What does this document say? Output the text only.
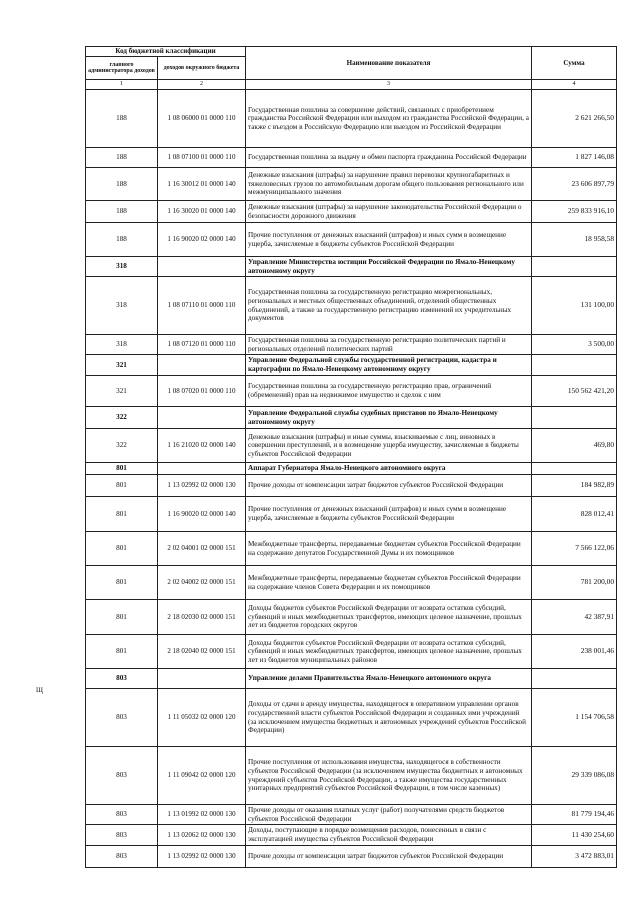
Код бюджетной классификации		Наименование показателя	Сумма
главного администратора доходов	доходов окружного бюджета		
1	2	3	4
188	1 08 06000 01 0000 110	Государственная пошлина за совершение действий, связанных с приобретением гражданства Российской Федерации или выходом из гражданства Российской Федерации, а также с въездом в Российскую Федерацию или выездом из Российской Федерации	2 621 266,50
188	1 08 07100 01 0000 110	Государственная пошлина за выдачу и обмен паспорта гражданина Российской Федерации	1 827 146,08
188	1 16 30012 01 0000 140	Денежные взыскания (штрафы) за нарушение правил перевозки крупногабаритных и тяжеловесных грузов по автомобильным дорогам общего пользования регионального или межмуниципального значения	23 606 897,79
188	1 16 30020 01 0000 140	Денежные взыскания (штрафы) за нарушение законодательства Российской Федерации о безопасности дорожного движения	259 833 916,10
188	1 16 90020 02 0000 140	Прочие поступления от денежных взысканий (штрафов) и иных сумм в возмещение ущерба, зачисляемые в бюджеты субъектов Российской Федерации	18 958,58
318		Управление Министерства юстиции Российской Федерации по Ямало-Ненецкому автономному округу	
318	1 08 07110 01 0000 110	Государственная пошлина за государственную регистрацию межрегиональных, региональных и местных общественных объединений, отделений общественных объединений, а также за государственную регистрацию изменений их учредительных документов	131 100,00
318	1 08 07120 01 0000 110	Государственная пошлина за государственную регистрацию политических партий и региональных отделений политических партий	3 500,00
321		Управление Федеральной службы государственной регистрации, кадастра и картографии по Ямало-Ненецкому автономному округу	
321	1 08 07020 01 0000 110	Государственная пошлина за государственную регистрацию прав, ограничений (обременений) прав на недвижимое имущество и сделок с ним	150 562 421,20
322		Управление Федеральной службы судебных приставов по Ямало-Ненецкому автономному округу	
322	1 16 21020 02 0000 140	Денежные взыскания (штрафы) и иные суммы, взыскиваемые с лиц, виновных в совершении преступлений, и в возмещение ущерба имуществу, зачисляемые в бюджеты субъектов Российской Федерации	469,80
801		Аппарат Губернатора Ямало-Ненецкого автономного округа	
801	1 13 02992 02 0000 130	Прочие доходы от компенсации затрат бюджетов субъектов Российской Федерации	184 982,89
801	1 16 90020 02 0000 140	Прочие поступления от денежных взысканий (штрафов) и иных сумм в возмещение ущерба, зачисляемые в бюджеты субъектов Российской Федерации	828 012,41
801	2 02 04001 02 0000 151	Межбюджетные трансферты, передаваемые бюджетам субъектов Российской Федерации на содержание депутатов Государственной Думы и их помощников	7 566 122,06
801	2 02 04002 02 0000 151	Межбюджетные трансферты, передаваемые бюджетам субъектов Российской Федерации на содержание членов Совета Федерации и их помощников	781 200,00
801	2 18 02030 02 0000 151	Доходы бюджетов субъектов Российской Федерации от возврата остатков субсидий, субвенций и иных межбюджетных трансфертов, имеющих целевое назначение, прошлых лет из бюджетов городских округов	42 387,91
801	2 18 02040 02 0000 151	Доходы бюджетов субъектов Российской Федерации от возврата остатков субсидий, субвенций и иных межбюджетных трансфертов, имеющих целевое назначение, прошлых лет из бюджетов муниципальных районов	238 001,46
803		Управление делами Правительства Ямало-Ненецкого автономного округа	
803	1 11 05032 02 0000 120	Доходы от сдачи в аренду имущества, находящегося в оперативном управлении органов государственной власти субъектов Российской Федерации и созданных ими учреждений (за исключением имущества бюджетных и автономных учреждений субъектов Российской Федерации)	1 154 706,58
803	1 11 09042 02 0000 120	Прочие поступления от использования имущества, находящегося в собственности субъектов Российской Федерации (за исключением имущества бюджетных и автономных учреждений субъектов Российской Федерации, а также имущества государственных унитарных предприятий субъектов Российской Федерации, в том числе казенных)	29 339 086,08
803	1 13 01992 02 0000 130	Прочие доходы от оказания платных услуг (работ) получателями средств бюджетов субъектов Российской Федерации	81 779 194,46
803	1 13 02062 02 0000 130	Доходы, поступающие в порядке возмещения расходов, понесенных в связи с эксплуатацией имущества субъектов Российской Федерации	11 430 254,60
803	1 13 02992 02 0000 130	Прочие доходы от компенсации затрат бюджетов субъектов Российской Федерации	3 472 883,01
щ
